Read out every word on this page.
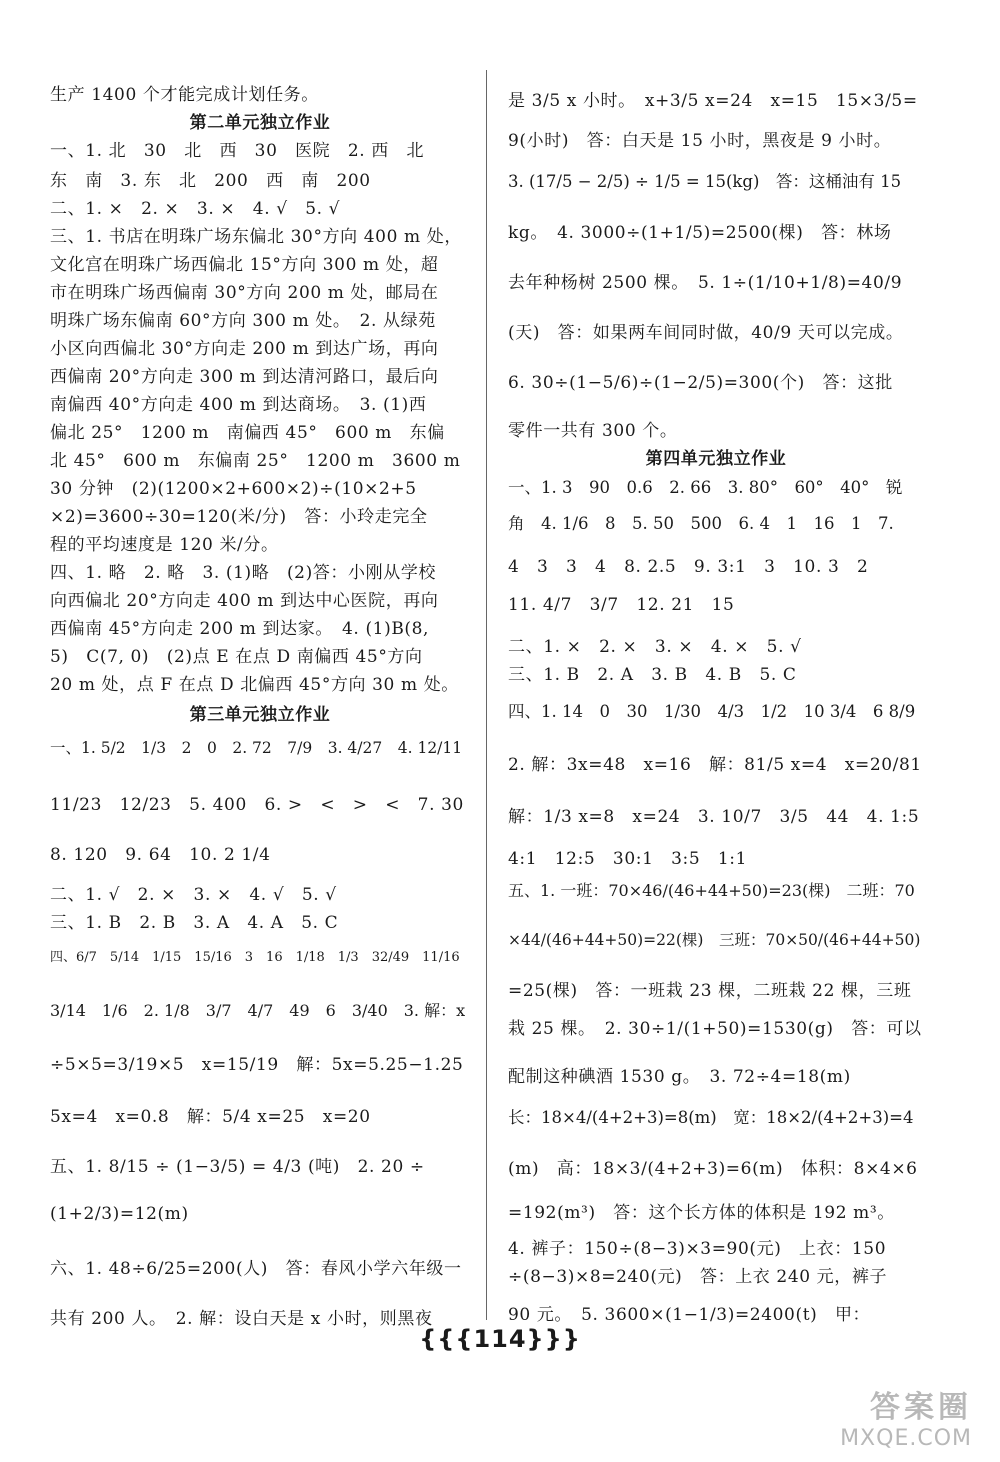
生产 1400 个才能完成计划任务。
第二单元独立作业
一、1. 北　30　北　西　30　医院　2. 西　北
东　南　3. 东　北　200　西　南　200
二、1. ×　2. ×　3. ×　4. √　5. √
三、1. 书店在明珠广场东偏北 30°方向 400 m 处，
文化宫在明珠广场西偏北 15°方向 300 m 处，超
市在明珠广场西偏南 30°方向 200 m 处，邮局在
明珠广场东偏南 60°方向 300 m 处。　2. 从绿苑
小区向西偏北 30°方向走 200 m 到达广场，再向
西偏南 20°方向走 300 m 到达清河路口，最后向
南偏西 40°方向走 400 m 到达商场。　3. (1)西
偏北 25°　1200 m　南偏西 45°　600 m　东偏
北 45°　600 m　东偏南 25°　1200 m　3600 m
30 分钟　(2)(1200×2+600×2)÷(10×2+5
×2)=3600÷30=120(米/分)　答：小玲走完全
程的平均速度是 120 米/分。
四、1. 略　2. 略　3. (1)略　(2)答：小刚从学校
向西偏北 20°方向走 400 m 到达中心医院，再向
西偏南 45°方向走 200 m 到达家。　4. (1)B(8,
5)　C(7, 0)　(2)点 E 在点 D 南偏西 45°方向
20 m 处，点 F 在点 D 北偏西 45°方向 30 m 处。
第三单元独立作业
一、1. 5/2　1/3　2　0　2. 72　7/9　3. 4/27　4. 12/11
11/23　12/23　5. 400　6. >　<　>　<　7. 30
8. 120　9. 64　10. 2 1/4
二、1. √　2. ×　3. ×　4. √　5. √
三、1. B　2. B　3. A　4. A　5. C
四、6/7　5/14　1/15　15/16　3　16　1/18　1/3　32/49　11/16
3/14　1/6　2. 1/8　3/7　4/7　49　6　3/40　3. 解：x
÷5×5=3/19×5　x=15/19　解：5x=5.25−1.25
5x=4　x=0.8　解：5/4 x=25　x=20
五、1. 8/15 ÷ (1−3/5) = 4/3 (吨)　2. 20 ÷
(1+2/3)=12(m)
六、1. 48÷6/25=200(人)　答：春风小学六年级一
共有 200 人。　2. 解：设白天是 x 小时，则黑夜
是 3/5 x 小时。　x+3/5 x=24　x=15　15×3/5=
9(小时)　答：白天是 15 小时，黑夜是 9 小时。
3. (17/5 − 2/5) ÷ 1/5 = 15(kg)　答：这桶油有 15
kg。　4. 3000÷(1+1/5)=2500(棵)　答：林场
去年种杨树 2500 棵。　5. 1÷(1/10+1/8)=40/9
(天)　答：如果两车间同时做，40/9 天可以完成。
6. 30÷(1−5/6)÷(1−2/5)=300(个)　答：这批
零件一共有 300 个。
第四单元独立作业
一、1. 3　90　0.6　2. 66　3. 80°　60°　40°　锐
角　4. 1/6　8　5. 50　500　6. 4　1　16　1　7.
4　3　3　4　8. 2.5　9. 3:1　3　10. 3　2
11. 4/7　3/7　12. 21　15
二、1. ×　2. ×　3. ×　4. ×　5. √
三、1. B　2. A　3. B　4. B　5. C
四、1. 14　0　30　1/30　4/3　1/2　10 3/4　6 8/9
2. 解：3x=48　x=16　解：81/5 x=4　x=20/81
解：1/3 x=8　x=24　3. 10/7　3/5　44　4. 1:5
4:1　12:5　30:1　3:5　1:1
五、1. 一班：70×46/(46+44+50)=23(棵)　二班：70
×44/(46+44+50)=22(棵)　三班：70×50/(46+44+50)
=25(棵)　答：一班栽 23 棵，二班栽 22 棵，三班
栽 25 棵。　2. 30÷1/(1+50)=1530(g)　答：可以
配制这种碘酒 1530 g。　3. 72÷4=18(m)
长：18×4/(4+2+3)=8(m)　宽：18×2/(4+2+3)=4
(m)　高：18×3/(4+2+3)=6(m)　体积：8×4×6
=192(m³)　答：这个长方体的体积是 192 m³。
4. 裤子：150÷(8−3)×3=90(元)　上衣：150
÷(8−3)×8=240(元)　答：上衣 240 元，裤子
90 元。　5. 3600×(1−1/3)=2400(t)　甲：
{{{114}}}
答案圈
MXQE.COM
